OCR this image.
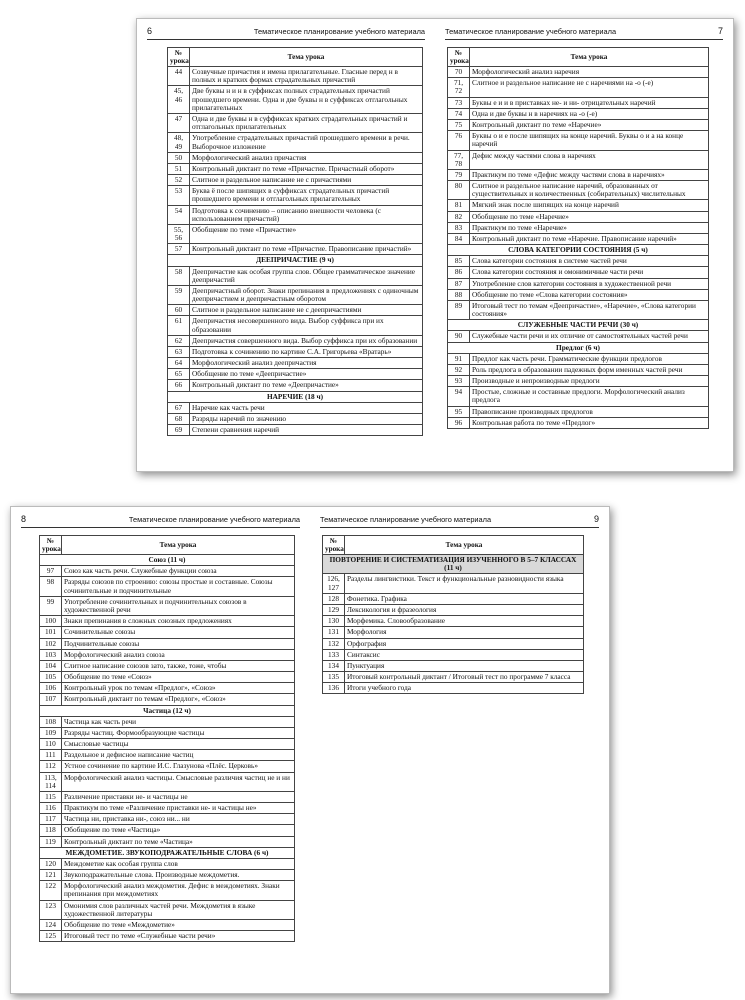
6	Тематическое планирование учебного материала
№
урока	Тема урока
44	Созвучные причастия и имена прилагательные. Гласные перед н в полных и кратких формах страдательных причастий
45, 46	Две буквы н и н в суффиксах полных страдательных причастий прошедшего времени. Одна и две буквы н в суффиксах отглагольных прилагательных
47	Одна и две буквы н в суффиксах кратких страдательных причастий и отглагольных прилагательных
48, 49	Употребление страдательных причастий прошедшего времени в речи. Выборочное изложение
50	Морфологический анализ причастия
51	Контрольный диктант по теме «Причастие. Причастный оборот»
52	Слитное и раздельное написание не с причастиями
53	Буква ё после шипящих в суффиксах страдательных причастий прошедшего времени и отглагольных прилагательных
54	Подготовка к сочинению – описанию внешности человека (с использованием причастий)
55, 56	Обобщение по теме «Причастие»
57	Контрольный диктант по теме «Причастие. Правописание причастий»
ДЕЕПРИЧАСТИЕ (9 ч)	
58	Деепричастие как особая группа слов. Общее грамматическое значение деепричастий
59	Деепричастный оборот. Знаки препинания в предложениях с одиночным деепричастием и деепричастным оборотом
60	Слитное и раздельное написание не с деепричастиями
61	Деепричастия несовершенного вида. Выбор суффикса при их образовании
62	Деепричастия совершенного вида. Выбор суффикса при их образовании
63	Подготовка к сочинению по картине С.А. Григорьева «Вратарь»
64	Морфологический анализ деепричастия
65	Обобщение по теме «Деепричастие»
66	Контрольный диктант по теме «Деепричастие»
НАРЕЧИЕ (18 ч)	
67	Наречие как часть речи
68	Разряды наречий по значению
69	Степени сравнения наречий
Тематическое планирование учебного материала	7
№
урока	Тема урока
70	Морфологический анализ наречия
71, 72	Слитное и раздельное написание не с наречиями на -о (-е)
73	Буквы е и и в приставках не- и ни- отрицательных наречий
74	Одна и две буквы н в наречиях на -о (-е)
75	Контрольный диктант по теме «Наречие»
76	Буквы о и е после шипящих на конце наречий. Буквы о и а на конце наречий
77, 78	Дефис между частями слова в наречиях
79	Практикум по теме «Дефис между частями слова в наречиях»
80	Слитное и раздельное написание наречий, образованных от существительных и количественных (собирательных) числительных
81	Мягкий знак после шипящих на конце наречий
82	Обобщение по теме «Наречие»
83	Практикум по теме «Наречие»
84	Контрольный диктант по теме «Наречие. Правописание наречий»
СЛОВА КАТЕГОРИИ СОСТОЯНИЯ (5 ч)	
85	Слова категории состояния в системе частей речи
86	Слова категории состояния и омонимичные части речи
87	Употребление слов категории состояния в художественной речи
88	Обобщение по теме «Слова категории состояния»
89	Итоговый тест по темам «Деепричастие», «Наречие», «Слова категории состояния»
СЛУЖЕБНЫЕ ЧАСТИ РЕЧИ (30 ч)	
90	Служебные части речи и их отличие от самостоятельных частей речи
Предлог (6 ч)	
91	Предлог как часть речи. Грамматические функции предлогов
92	Роль предлога в образовании падежных форм именных частей речи
93	Производные и непроизводные предлоги
94	Простые, сложные и составные предлоги. Морфологический анализ предлога
95	Правописание производных предлогов
96	Контрольная работа по теме «Предлог»
8	Тематическое планирование учебного материала
№
урока	Тема урока
Союз (11 ч)	
97	Союз как часть речи. Служебные функции союза
98	Разряды союзов по строению: союзы простые и составные. Союзы сочинительные и подчинительные
99	Употребление сочинительных и подчинительных союзов в художественной речи
100	Знаки препинания в сложных союзных предложениях
101	Сочинительные союзы
102	Подчинительные союзы
103	Морфологический анализ союза
104	Слитное написание союзов зато, также, тоже, чтобы
105	Обобщение по теме «Союз»
106	Контрольный урок по темам «Предлог», «Союз»
107	Контрольный диктант по темам «Предлог», «Союз»
Частица (12 ч)	
108	Частица как часть речи
109	Разряды частиц. Формообразующие частицы
110	Смысловые частицы
111	Раздельное и дефисное написание частиц
112	Устное сочинение по картине И.С. Глазунова «Плёс. Церковь»
113, 114	Морфологический анализ частицы. Смысловые различия частиц не и ни
115	Различение приставки не- и частицы не
116	Практикум по теме «Различение приставки не- и частицы не»
117	Частица ни, приставка ни-, союз ни... ни
118	Обобщение по теме «Частица»
119	Контрольный диктант по теме «Частица»
МЕЖДОМЕТИЕ. ЗВУКОПОДРАЖАТЕЛЬНЫЕ СЛОВА (6 ч)	
120	Междометие как особая группа слов
121	Звукоподражательные слова. Производные междометия.
122	Морфологический анализ междометия. Дефис в междометиях. Знаки препинания при междометиях
123	Омонимия слов различных частей речи. Междометия в языке художественной литературы
124	Обобщение по теме «Междометие»
125	Итоговый тест по теме «Служебные части речи»
Тематическое планирование учебного материала	9
№
урока	Тема урока
ПОВТОРЕНИЕ И СИСТЕМАТИЗАЦИЯ ИЗУЧЕННОГО В 5–7 КЛАССАХ (11 ч)	
126, 127	Разделы лингвистики. Текст и функциональные разновидности языка
128	Фонетика. Графика
129	Лексикология и фразеология
130	Морфемика. Словообразование
131	Морфология
132	Орфография
133	Синтаксис
134	Пунктуация
135	Итоговый контрольный диктант / Итоговый тест по программе 7 класса
136	Итоги учебного года
